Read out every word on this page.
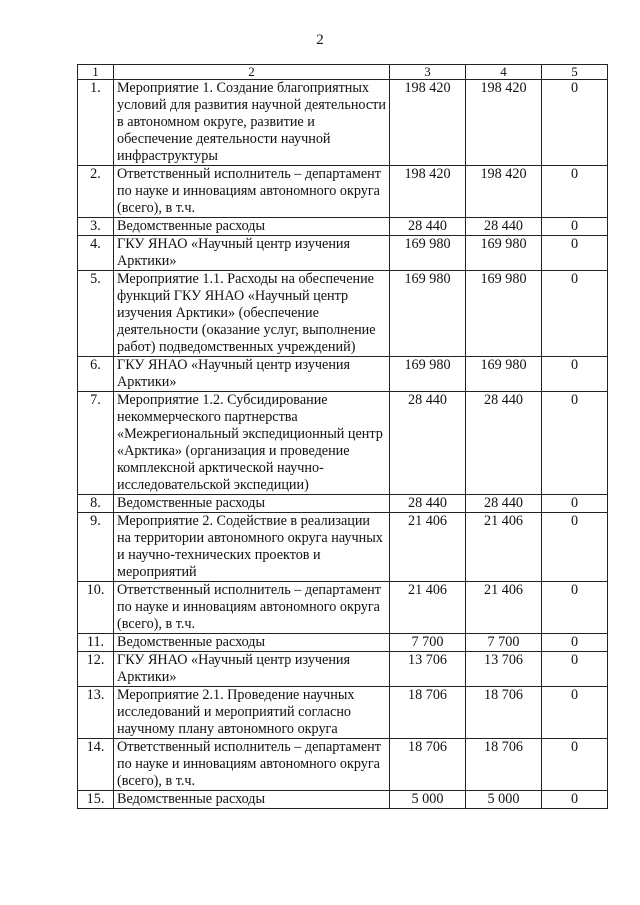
2
1	2	3	4	5
1.	Мероприятие 1. Создание благоприятных условий для развития научной деятельности в автономном округе, развитие и обеспечение деятельности научной инфраструктуры	198 420	198 420	0
2.	Ответственный исполнитель – департамент по науке и инновациям автономного округа (всего), в т.ч.	198 420	198 420	0
3.	Ведомственные расходы	28 440	28 440	0
4.	ГКУ ЯНАО «Научный центр изучения Арктики»	169 980	169 980	0
5.	Мероприятие 1.1. Расходы на обеспечение функций ГКУ ЯНАО «Научный центр изучения Арктики» (обеспечение деятельности (оказание услуг, выполнение работ) подведомственных учреждений)	169 980	169 980	0
6.	ГКУ ЯНАО «Научный центр изучения Арктики»	169 980	169 980	0
7.	Мероприятие 1.2. Субсидирование некоммерческого партнерства «Межрегиональный экспедиционный центр «Арктика» (организация и проведение комплексной арктической научно-исследовательской экспедиции)	28 440	28 440	0
8.	Ведомственные расходы	28 440	28 440	0
9.	Мероприятие 2. Содействие в реализации на территории автономного округа научных и научно-технических проектов и мероприятий	21 406	21 406	0
10.	Ответственный исполнитель – департамент по науке и инновациям автономного округа (всего), в т.ч.	21 406	21 406	0
11.	Ведомственные расходы	7 700	7 700	0
12.	ГКУ ЯНАО «Научный центр изучения Арктики»	13 706	13 706	0
13.	Мероприятие 2.1. Проведение научных исследований и мероприятий согласно научному плану автономного округа	18 706	18 706	0
14.	Ответственный исполнитель – департамент по науке и инновациям автономного округа (всего), в т.ч.	18 706	18 706	0
15.	Ведомственные расходы	5 000	5 000	0
